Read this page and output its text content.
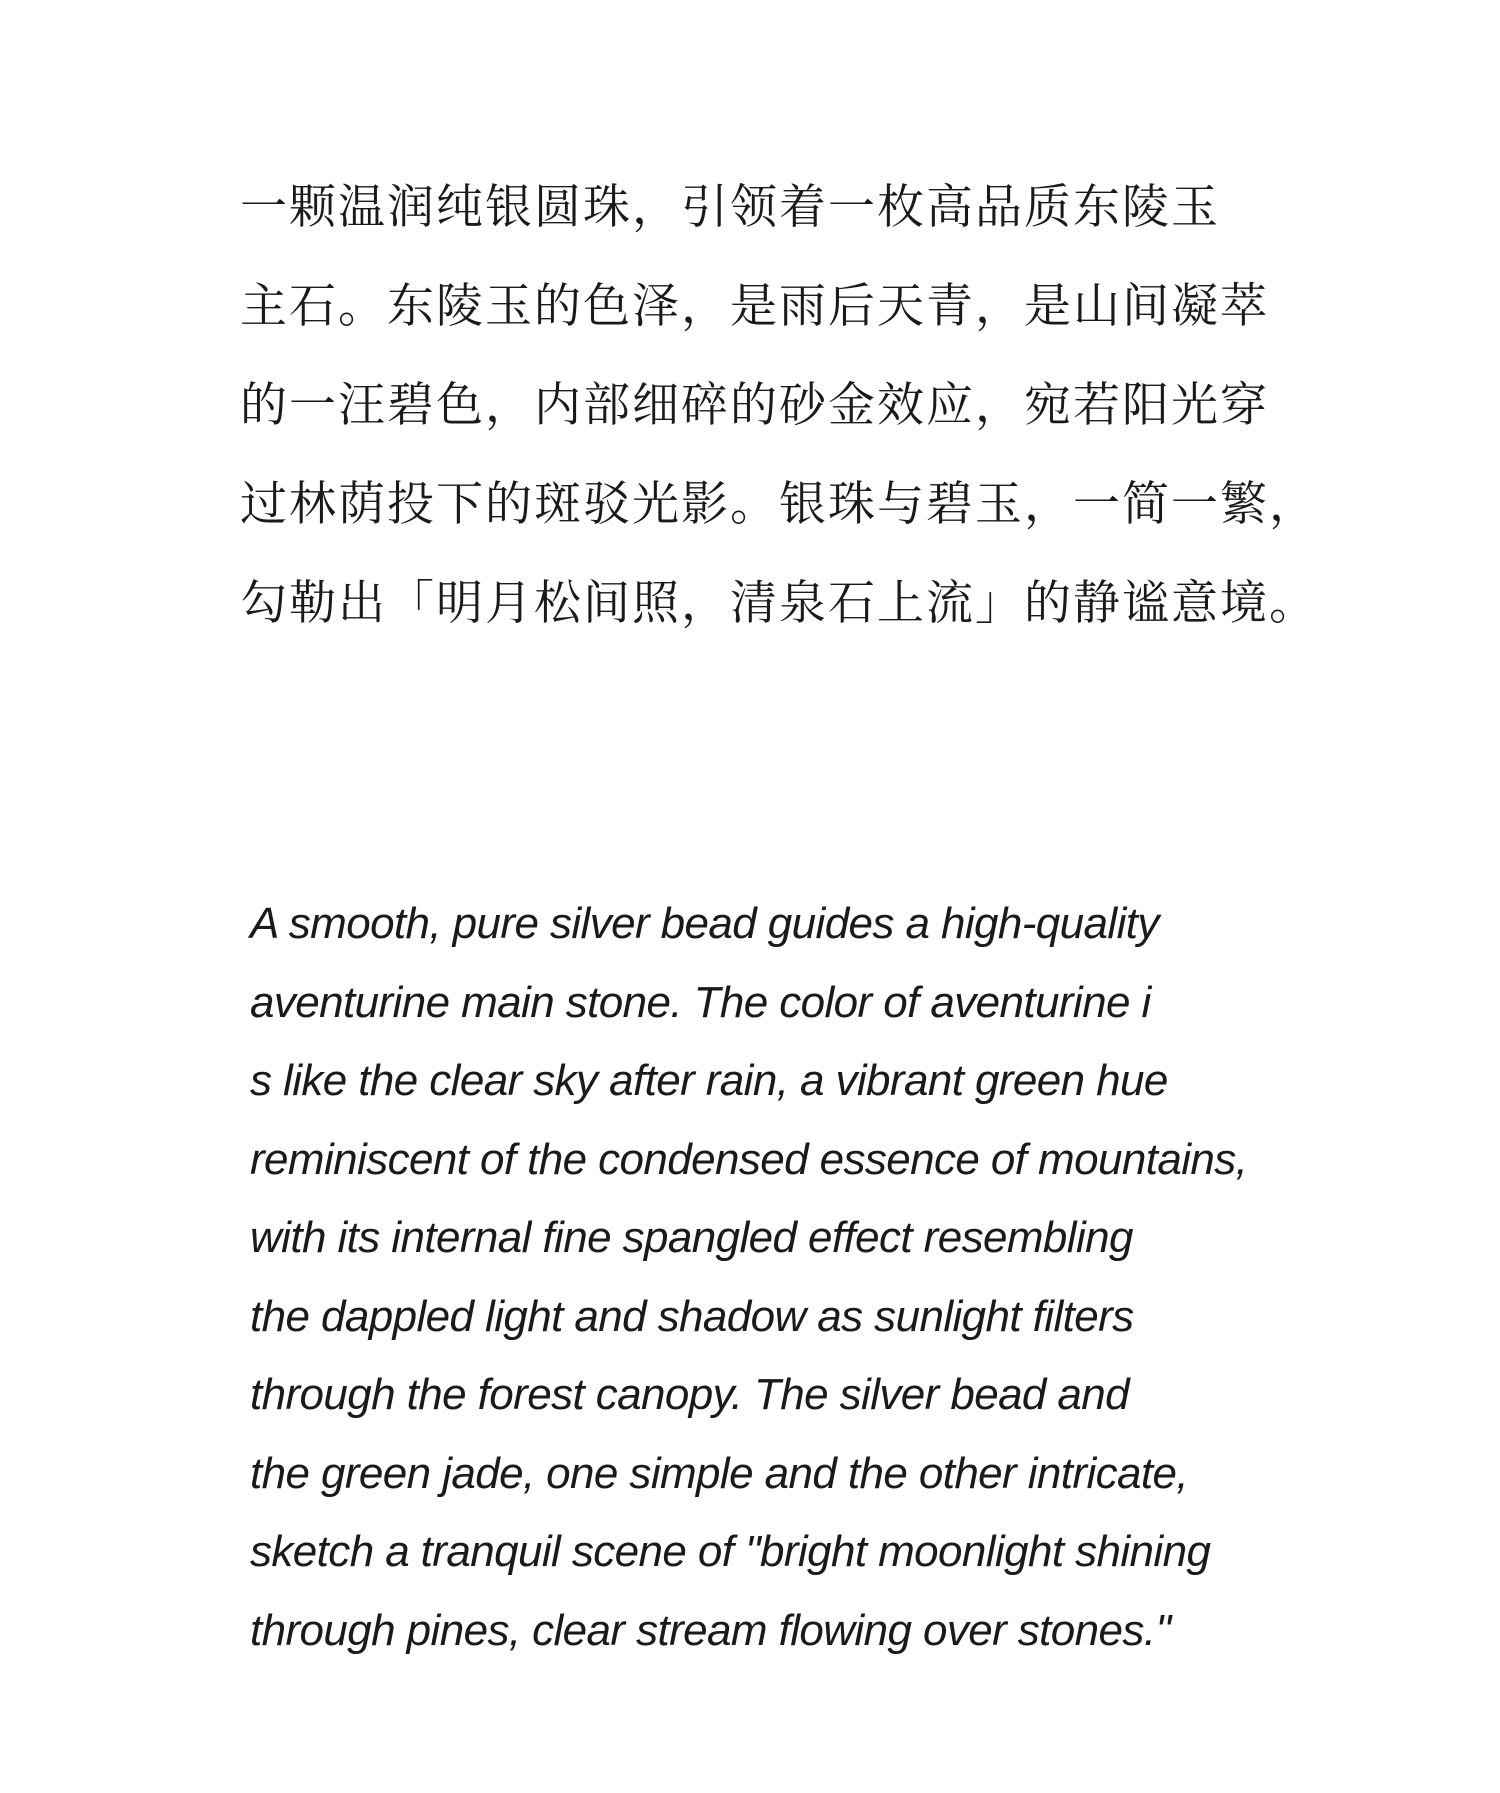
一颗温润纯银圆珠，引领着一枚高品质东陵玉
主石。东陵玉的色泽，是雨后天青，是山间凝萃
的一汪碧色，内部细碎的砂金效应，宛若阳光穿
过林荫投下的斑驳光影。银珠与碧玉，一简一繁，
勾勒出「明月松间照，清泉石上流」的静谧意境。
A smooth, pure silver bead guides a high-quality
aventurine main stone. The color of aventurine i
s like the clear sky after rain, a vibrant green hue
reminiscent of the condensed essence of mountains,
with its internal fine spangled effect resembling
the dappled light and shadow as sunlight filters
through the forest canopy. The silver bead and
the green jade, one simple and the other intricate,
sketch a tranquil scene of "bright moonlight shining
through pines, clear stream flowing over stones."
